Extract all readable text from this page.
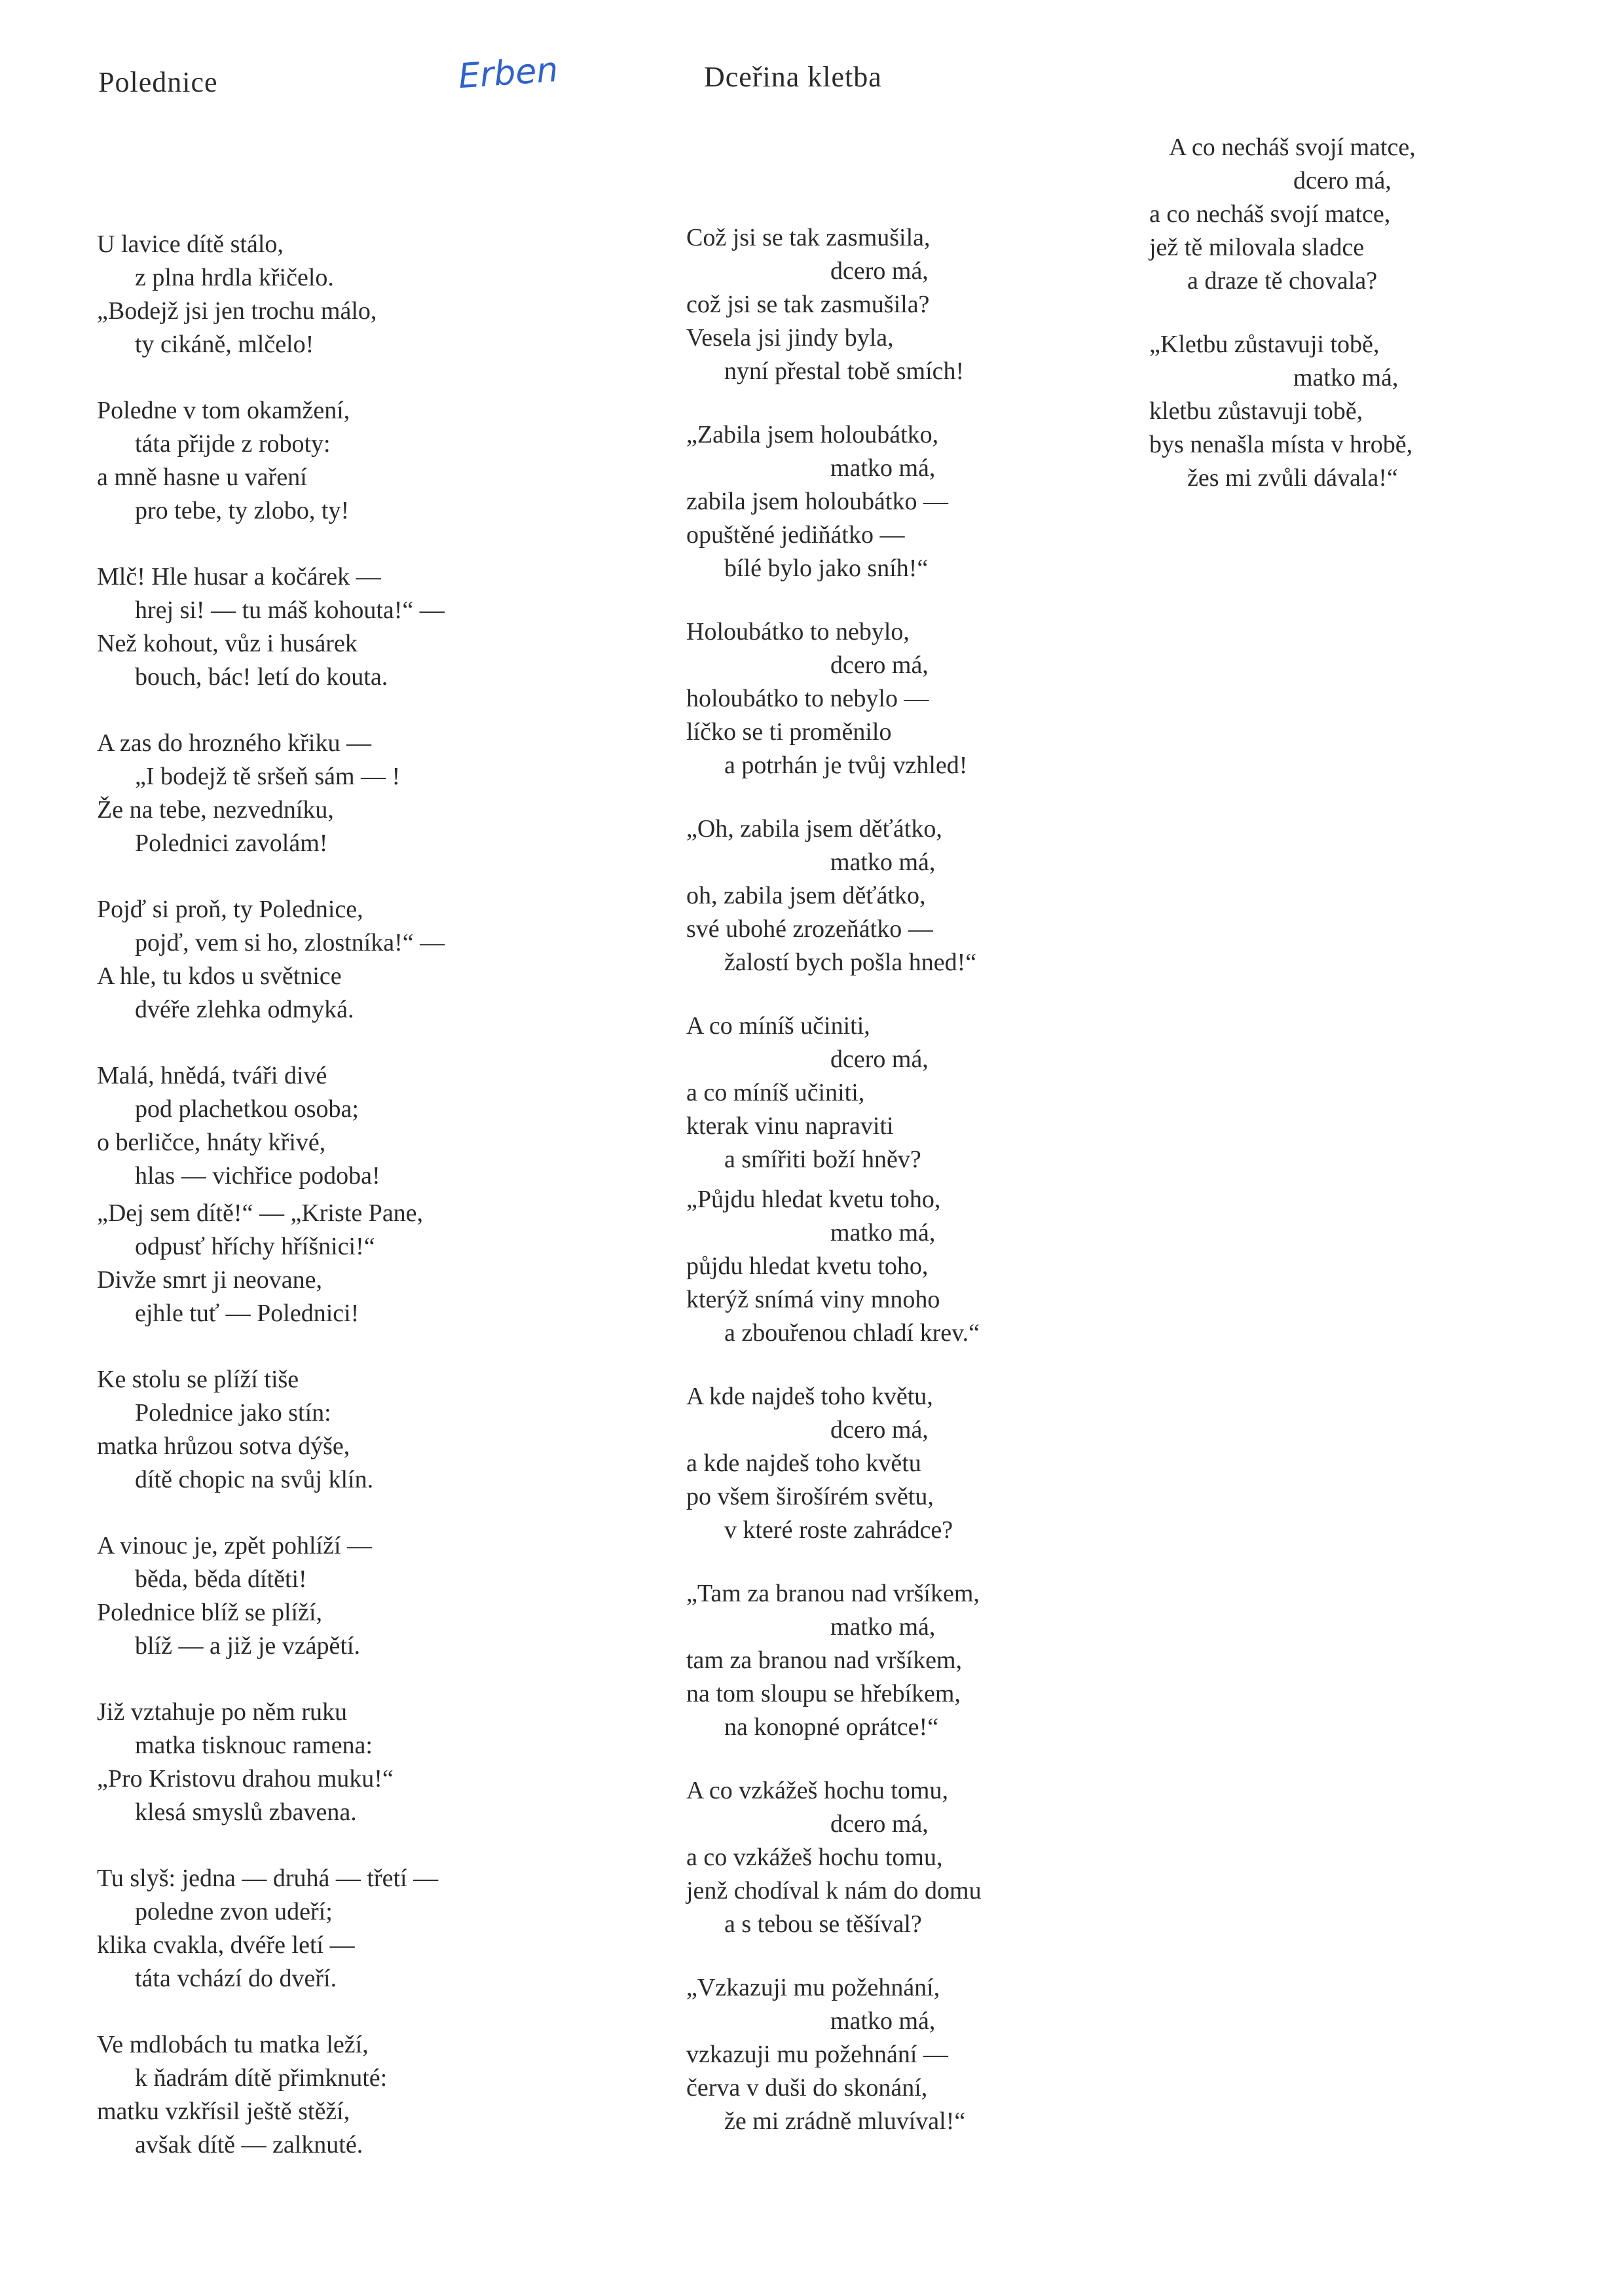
Polednice	Erben	Dceřina kletba
U lavice dítě stálo,
z plna hrdla křičelo.
„Bodejž jsi jen trochu málo,
ty cikáně, mlčelo!
Poledne v tom okamžení,
táta přijde z roboty:
a mně hasne u vaření
pro tebe, ty zlobo, ty!
Mlč! Hle husar a kočárek —
hrej si! — tu máš kohouta!“ —
Než kohout, vůz i husárek
bouch, bác! letí do kouta.
A zas do hrozného křiku —
„I bodejž tě sršeň sám — !
Že na tebe, nezvedníku,
Polednici zavolám!
Pojď si proň, ty Polednice,
pojď, vem si ho, zlostníka!“ —
A hle, tu kdos u světnice
dvéře zlehka odmyká.
Malá, hnědá, tváři divé
pod plachetkou osoba;
o berličce, hnáty křivé,
hlas — vichřice podoba!
„Dej sem dítě!“ — „Kriste Pane,
odpusť hříchy hříšnici!“
Divže smrt ji neovane,
ejhle tuť — Polednici!
Ke stolu se plíží tiše
Polednice jako stín:
matka hrůzou sotva dýše,
dítě chopic na svůj klín.
A vinouc je, zpět pohlíží —
běda, běda dítěti!
Polednice blíž se plíží,
blíž — a již je vzápětí.
Již vztahuje po něm ruku
matka tisknouc ramena:
„Pro Kristovu drahou muku!“
klesá smyslů zbavena.
Tu slyš: jedna — druhá — třetí —
poledne zvon udeří;
klika cvakla, dvéře letí —
táta vchází do dveří.
Ve mdlobách tu matka leží,
k ňadrám dítě přimknuté:
matku vzkřísil ještě stěží,
avšak dítě — zalknuté.
Což jsi se tak zasmušila,
dcero má,
což jsi se tak zasmušila?
Vesela jsi jindy byla,
nyní přestal tobě smích!
„Zabila jsem holoubátko,
matko má,
zabila jsem holoubátko —
opuštěné jediňátko —
bílé bylo jako sníh!“
Holoubátko to nebylo,
dcero má,
holoubátko to nebylo —
líčko se ti proměnilo
a potrhán je tvůj vzhled!
„Oh, zabila jsem děťátko,
matko má,
oh, zabila jsem děťátko,
své ubohé zrozeňátko —
žalostí bych pošla hned!“
A co míníš učiniti,
dcero má,
a co míníš učiniti,
kterak vinu napraviti
a smířiti boží hněv?
„Půjdu hledat kvetu toho,
matko má,
půjdu hledat kvetu toho,
kterýž snímá viny mnoho
a zbouřenou chladí krev.“
A kde najdeš toho květu,
dcero má,
a kde najdeš toho květu
po všem širošírém světu,
v které roste zahrádce?
„Tam za branou nad vršíkem,
matko má,
tam za branou nad vršíkem,
na tom sloupu se hřebíkem,
na konopné oprátce!“
A co vzkážeš hochu tomu,
dcero má,
a co vzkážeš hochu tomu,
jenž chodíval k nám do domu
a s tebou se těšíval?
„Vzkazuji mu požehnání,
matko má,
vzkazuji mu požehnání —
červa v duši do skonání,
že mi zrádně mluvíval!“
A co necháš svojí matce,
dcero má,
a co necháš svojí matce,
jež tě milovala sladce
a draze tě chovala?
„Kletbu zůstavuji tobě,
matko má,
kletbu zůstavuji tobě,
bys nenašla místa v hrobě,
žes mi zvůli dávala!“
